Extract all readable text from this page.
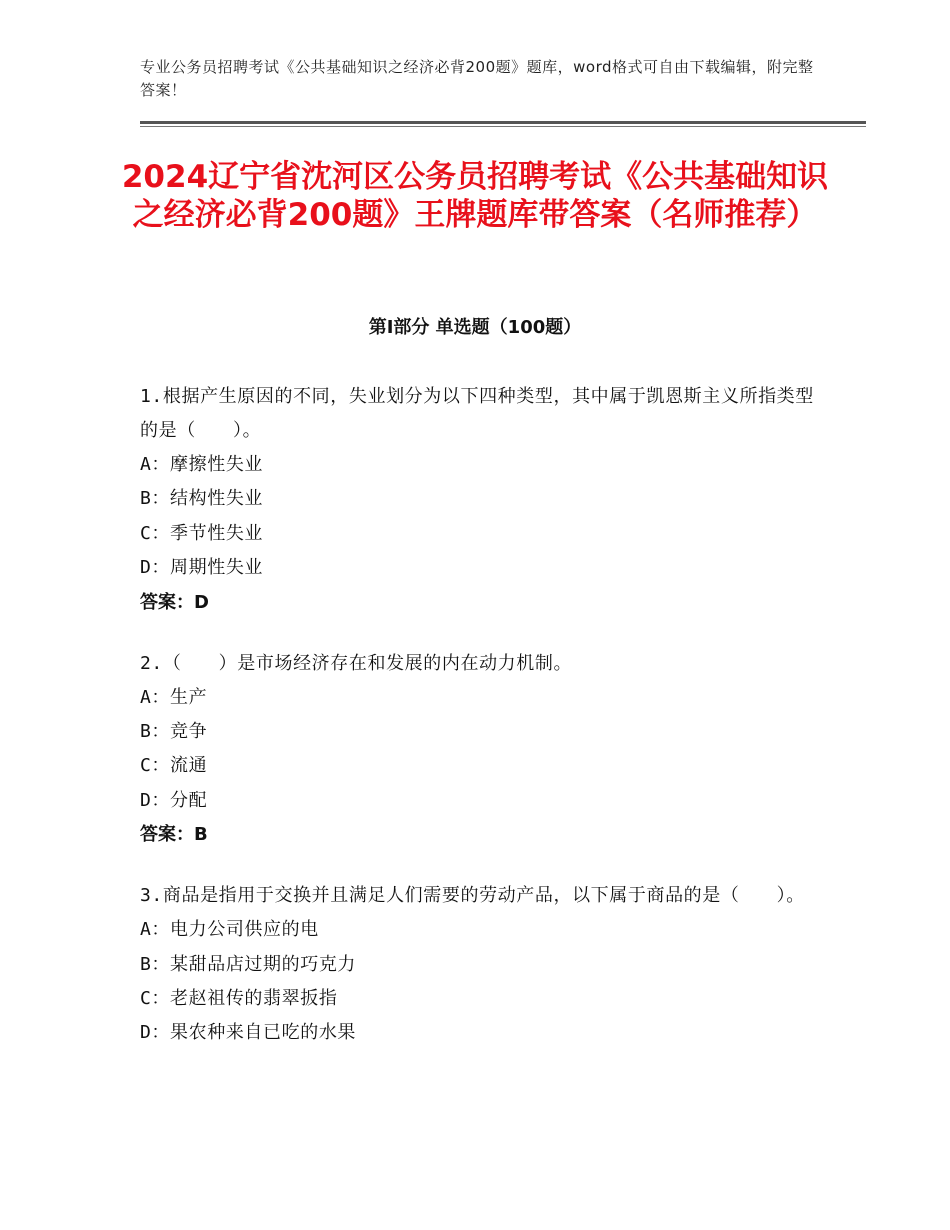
专业公务员招聘考试《公共基础知识之经济必背200题》题库，word格式可自由下载编辑，附完整答案！
2024辽宁省沈河区公务员招聘考试《公共基础知识之经济必背200题》王牌题库带答案（名师推荐）
第Ⅰ部分 单选题（100题）
1.根据产生原因的不同，失业划分为以下四种类型，其中属于凯恩斯主义所指类型的是（　　）。
A：摩擦性失业
B：结构性失业
C：季节性失业
D：周期性失业
答案：D
2.（　　）是市场经济存在和发展的内在动力机制。
A：生产
B：竞争
C：流通
D：分配
答案：B
3.商品是指用于交换并且满足人们需要的劳动产品，以下属于商品的是（　　）。
A：电力公司供应的电
B：某甜品店过期的巧克力
C：老赵祖传的翡翠扳指
D：果农种来自已吃的水果
